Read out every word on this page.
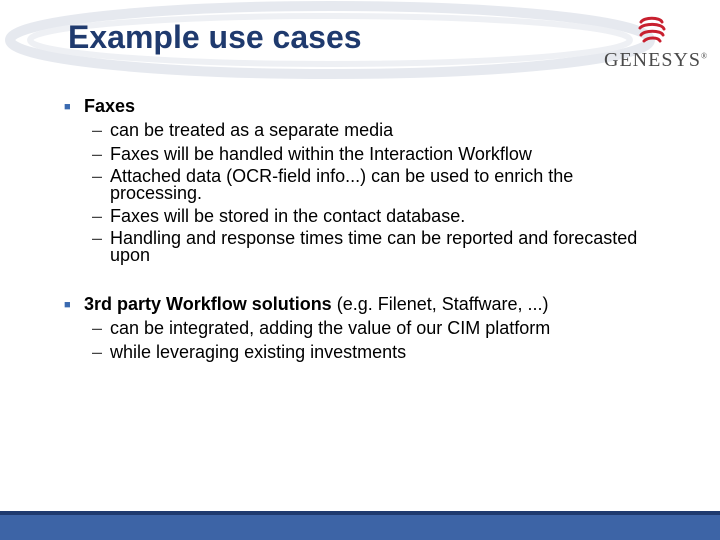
Example use cases
GENESYS®
■ Faxes
– can be treated as a separate media
– Faxes will be handled within the Interaction Workflow
– Attached data (OCR-field info...) can be used to enrich the processing.
– Faxes will be stored in the contact database.
– Handling and response times time can be reported and forecasted upon
■ 3rd party Workflow solutions (e.g. Filenet, Staffware, ...)
– can be integrated, adding the value of our CIM platform
– while leveraging existing investments
